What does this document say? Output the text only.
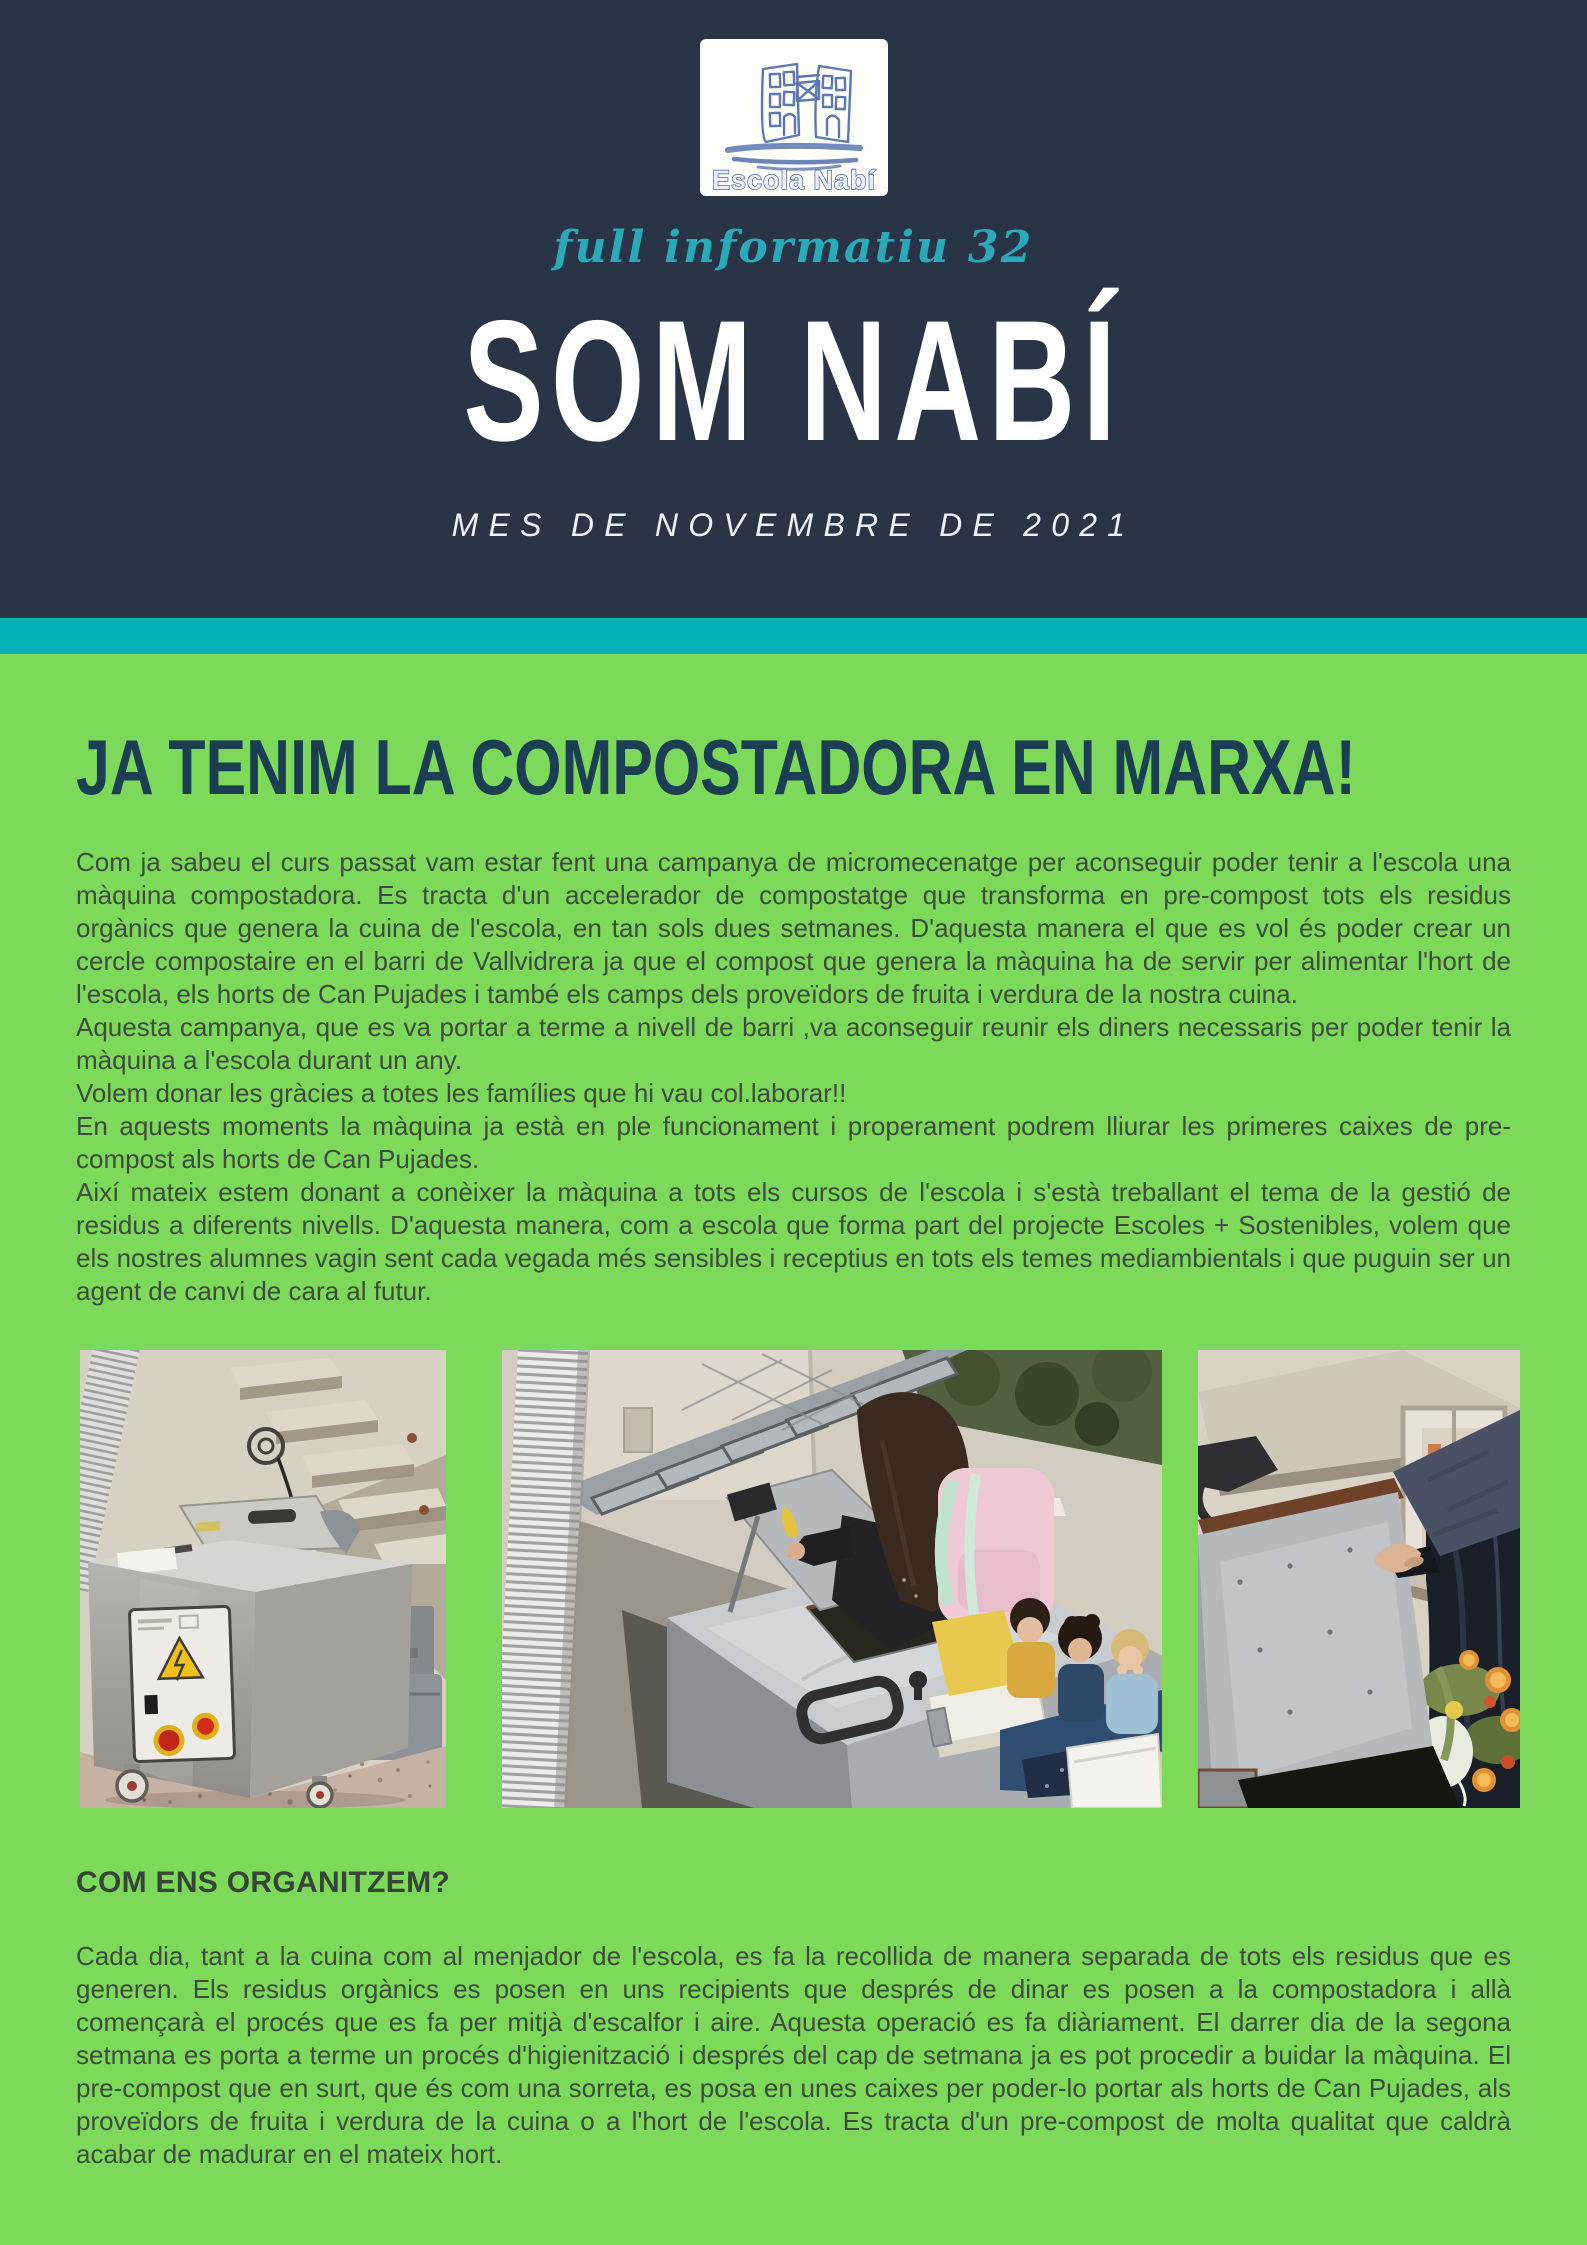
Escola Nabí
full informatiu 32
SOM NABÍ
MES DE NOVEMBRE DE 2021
JA TENIM LA COMPOSTADORA EN MARXA!

Com ja sabeu el curs passat vam estar fent una campanya de micromecenatge per aconseguir poder tenir a l'escola una màquina compostadora. Es tracta d'un accelerador de compostatge que transforma en pre-compost tots els residus orgànics que genera la cuina de l'escola, en tan sols dues setmanes. D'aquesta manera el que es vol és poder crear un cercle compostaire en el barri de Vallvidrera ja que el compost que genera la màquina ha de servir per alimentar l'hort de l'escola, els horts de Can Pujades i també els camps dels proveïdors de fruita i verdura de la nostra cuina.

Aquesta campanya, que es va portar a terme a nivell de barri ,va aconseguir reunir els diners necessaris per poder tenir la màquina a l'escola durant un any.

Volem donar les gràcies a totes les famílies que hi vau col.laborar!!

En aquests moments la màquina ja està en ple funcionament i properament podrem lliurar les primeres caixes de pre-compost als horts de Can Pujades.

Així mateix estem donant a conèixer la màquina a tots els cursos de l'escola i s'està treballant el tema de la gestió de residus a diferents nivells. D'aquesta manera, com a escola que forma part del projecte Escoles + Sostenibles, volem que els nostres alumnes vagin sent cada vegada més sensibles i receptius en tots els temes mediambientals i que puguin ser un agent de canvi de cara al futur.

COM ENS ORGANITZEM?

Cada dia, tant a la cuina com al menjador de l'escola, es fa la recollida de manera separada de tots els residus que es generen. Els residus orgànics es posen en uns recipients que després de dinar es posen a la compostadora i allà començarà el procés que es fa per mitjà d'escalfor i aire. Aquesta operació es fa diàriament. El darrer dia de la segona setmana es porta a terme un procés d'higienització i després del cap de setmana ja es pot procedir a buidar la màquina. El pre-compost que en surt, que és com una sorreta, es posa en unes caixes per poder-lo portar als horts de Can Pujades, als proveïdors de fruita i verdura de la cuina o a l'hort de l'escola. Es tracta d'un pre-compost de molta qualitat que caldrà acabar de madurar en el mateix hort.
